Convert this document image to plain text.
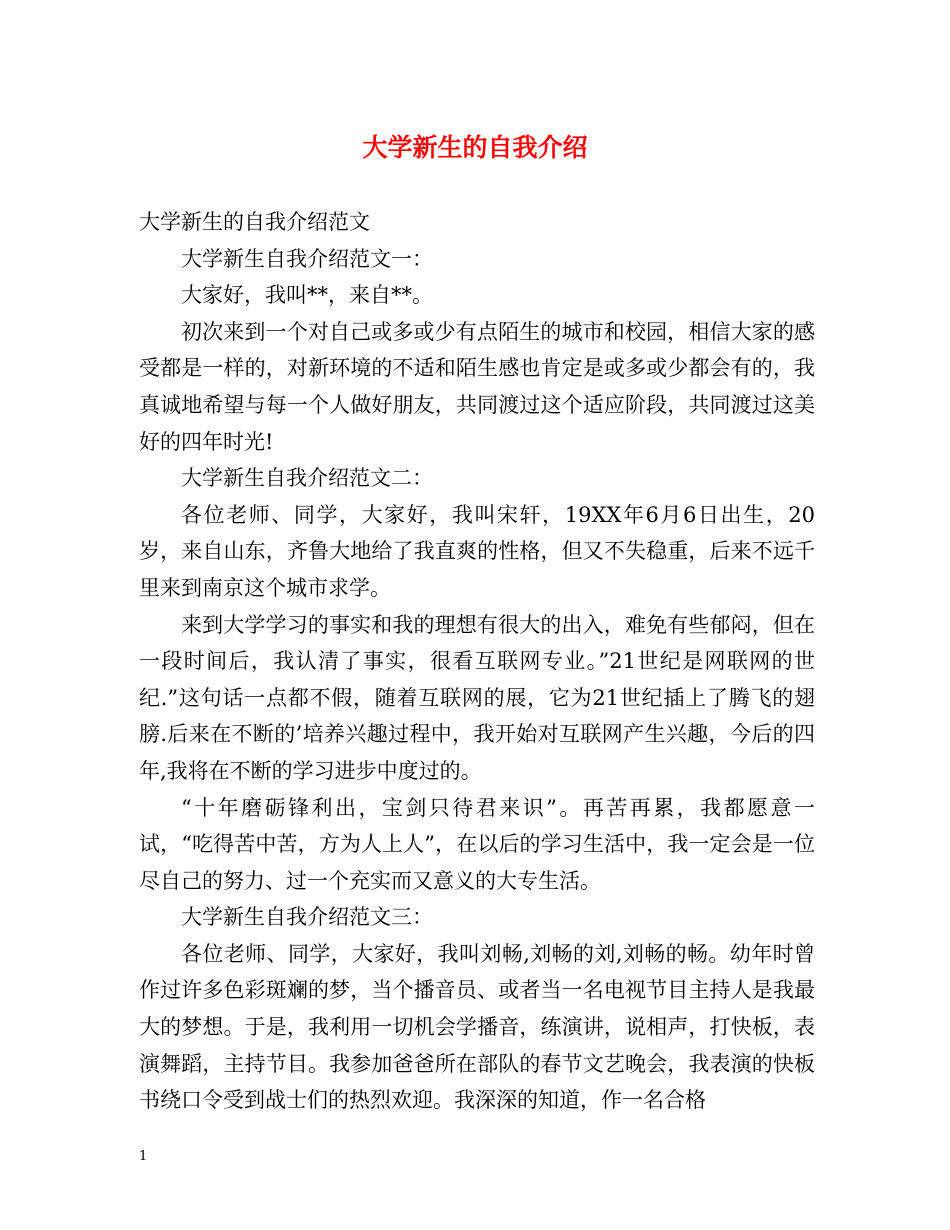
大学新生的自我介绍

大学新生的自我介绍范文

大学新生自我介绍范文一：

大家好，我叫**，来自**。

初次来到一个对自己或多或少有点陌生的城市和校园，相信大家的感受都是一样的，对新环境的不适和陌生感也肯定是或多或少都会有的，我真诚地希望与每一个人做好朋友，共同渡过这个适应阶段，共同渡过这美好的四年时光!

大学新生自我介绍范文二：

各位老师、同学，大家好，我叫宋轩，19XX年6月6日出生，20岁，来自山东，齐鲁大地给了我直爽的性格，但又不失稳重，后来不远千里来到南京这个城市求学。

来到大学学习的事实和我的理想有很大的出入，难免有些郁闷，但在一段时间后，我认清了事实，很看互联网专业。”21世纪是网联网的世纪.”这句话一点都不假，随着互联网的展，它为21世纪插上了腾飞的翅膀.后来在不断的’培养兴趣过程中，我开始对互联网产生兴趣，今后的四年,我将在不断的学习进步中度过的。

“十年磨砺锋利出，宝剑只待君来识”。再苦再累，我都愿意一试，“吃得苦中苦，方为人上人”，在以后的学习生活中，我一定会是一位尽自己的努力、过一个充实而又意义的大专生活。

大学新生自我介绍范文三：

各位老师、同学，大家好，我叫刘畅,刘畅的刘,刘畅的畅。幼年时曾作过许多色彩斑斓的梦，当个播音员、或者当一名电视节目主持人是我最大的梦想。于是，我利用一切机会学播音，练演讲，说相声，打快板，表演舞蹈，主持节目。我参加爸爸所在部队的春节文艺晚会，我表演的快板书绕口令受到战士们的热烈欢迎。我深深的知道，作一名合格

1
